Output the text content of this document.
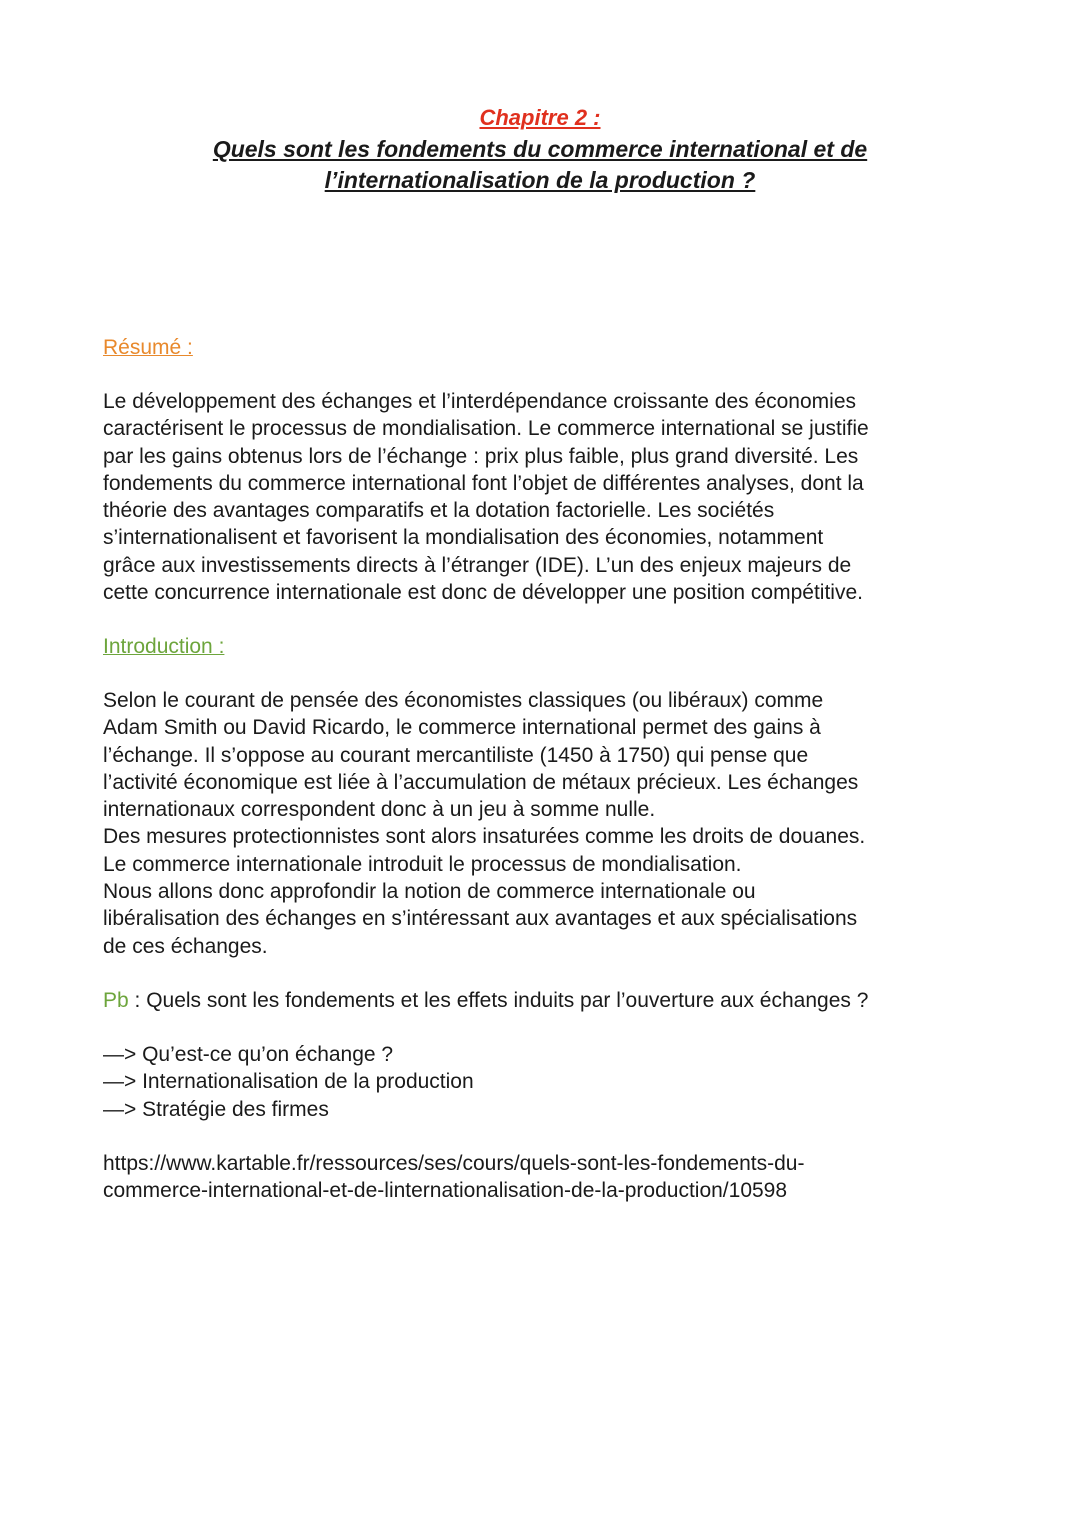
Chapitre 2 :
Quels sont les fondements du commerce international et de
l’internationalisation de la production ?
Résumé :
Le développement des échanges et l’interdépendance croissante des économies
caractérisent le processus de mondialisation. Le commerce international se justifie
par les gains obtenus lors de l’échange : prix plus faible, plus grand diversité. Les
fondements du commerce international font l’objet de différentes analyses, dont la
théorie des avantages comparatifs et la dotation factorielle. Les sociétés
s’internationalisent et favorisent la mondialisation des économies, notamment
grâce aux investissements directs à l’étranger (IDE). L’un des enjeux majeurs de
cette concurrence internationale est donc de développer une position compétitive.
Introduction :
Selon le courant de pensée des économistes classiques (ou libéraux) comme
Adam Smith ou David Ricardo, le commerce international permet des gains à
l’échange. Il s’oppose au courant mercantiliste (1450 à 1750) qui pense que
l’activité économique est liée à l’accumulation de métaux précieux. Les échanges
internationaux correspondent donc à un jeu à somme nulle.
Des mesures protectionnistes sont alors insaturées comme les droits de douanes.
Le commerce internationale introduit le processus de mondialisation.
Nous allons donc approfondir la notion de commerce internationale ou
libéralisation des échanges en s’intéressant aux avantages et aux spécialisations
de ces échanges.
Pb : Quels sont les fondements et les effets induits par l’ouverture aux échanges ?
—> Qu’est-ce qu’on échange ?
—> Internationalisation de la production
—> Stratégie des firmes
https://www.kartable.fr/ressources/ses/cours/quels-sont-les-fondements-du-
commerce-international-et-de-linternationalisation-de-la-production/10598
